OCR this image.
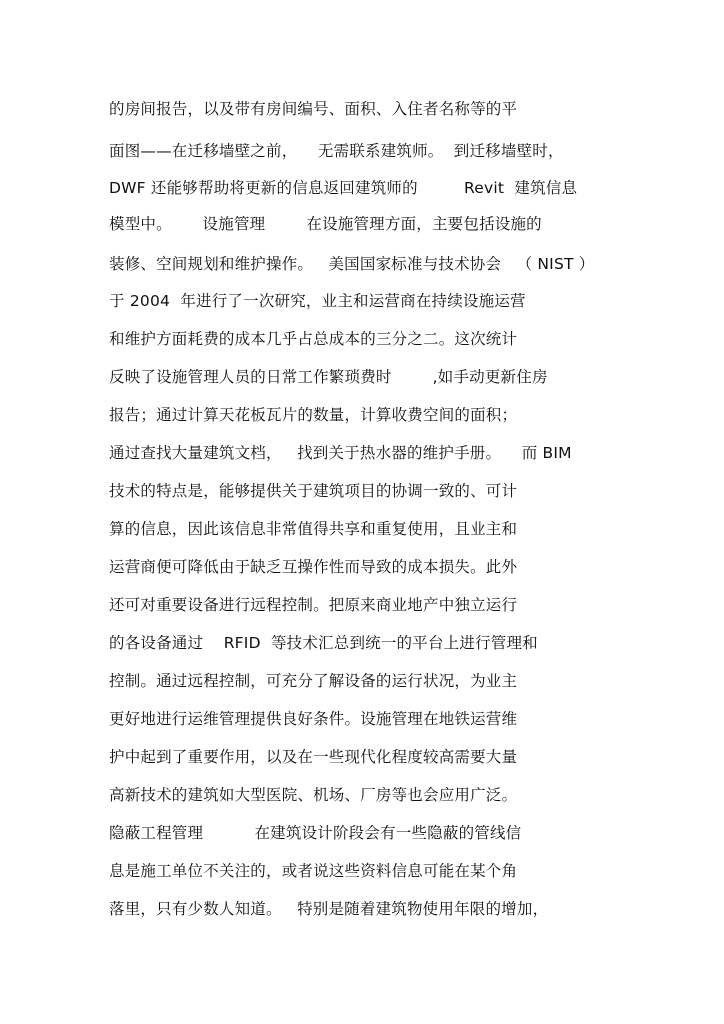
的房间报告，以及带有房间编号、面积、入住者名称等的平
面图——在迁移墙壁之前，    无需联系建筑师。  到迁移墙壁时，
DWF 还能够帮助将更新的信息返回建筑师的         Revit  建筑信息
模型中。      设施管理        在设施管理方面，主要包括设施的
装修、空间规划和维护操作。   美国国家标准与技术协会   （ NIST ）
于 2004  年进行了一次研究，业主和运营商在持续设施运营
和维护方面耗费的成本几乎占总成本的三分之二。这次统计
反映了设施管理人员的日常工作繁琐费时        ,如手动更新住房
报告；通过计算天花板瓦片的数量，计算收费空间的面积；
通过查找大量建筑文档，   找到关于热水器的维护手册。    而 BIM
技术的特点是，能够提供关于建筑项目的协调一致的、可计
算的信息，因此该信息非常值得共享和重复使用，且业主和
运营商便可降低由于缺乏互操作性而导致的成本损失。此外
还可对重要设备进行远程控制。把原来商业地产中独立运行
的各设备通过    RFID  等技术汇总到统一的平台上进行管理和
控制。通过远程控制，可充分了解设备的运行状况，为业主
更好地进行运维管理提供良好条件。设施管理在地铁运营维
护中起到了重要作用，以及在一些现代化程度较高需要大量
高新技术的建筑如大型医院、机场、厂房等也会应用广泛。
隐蔽工程管理          在建筑设计阶段会有一些隐蔽的管线信
息是施工单位不关注的，或者说这些资料信息可能在某个角
落里，只有少数人知道。   特别是随着建筑物使用年限的增加，
